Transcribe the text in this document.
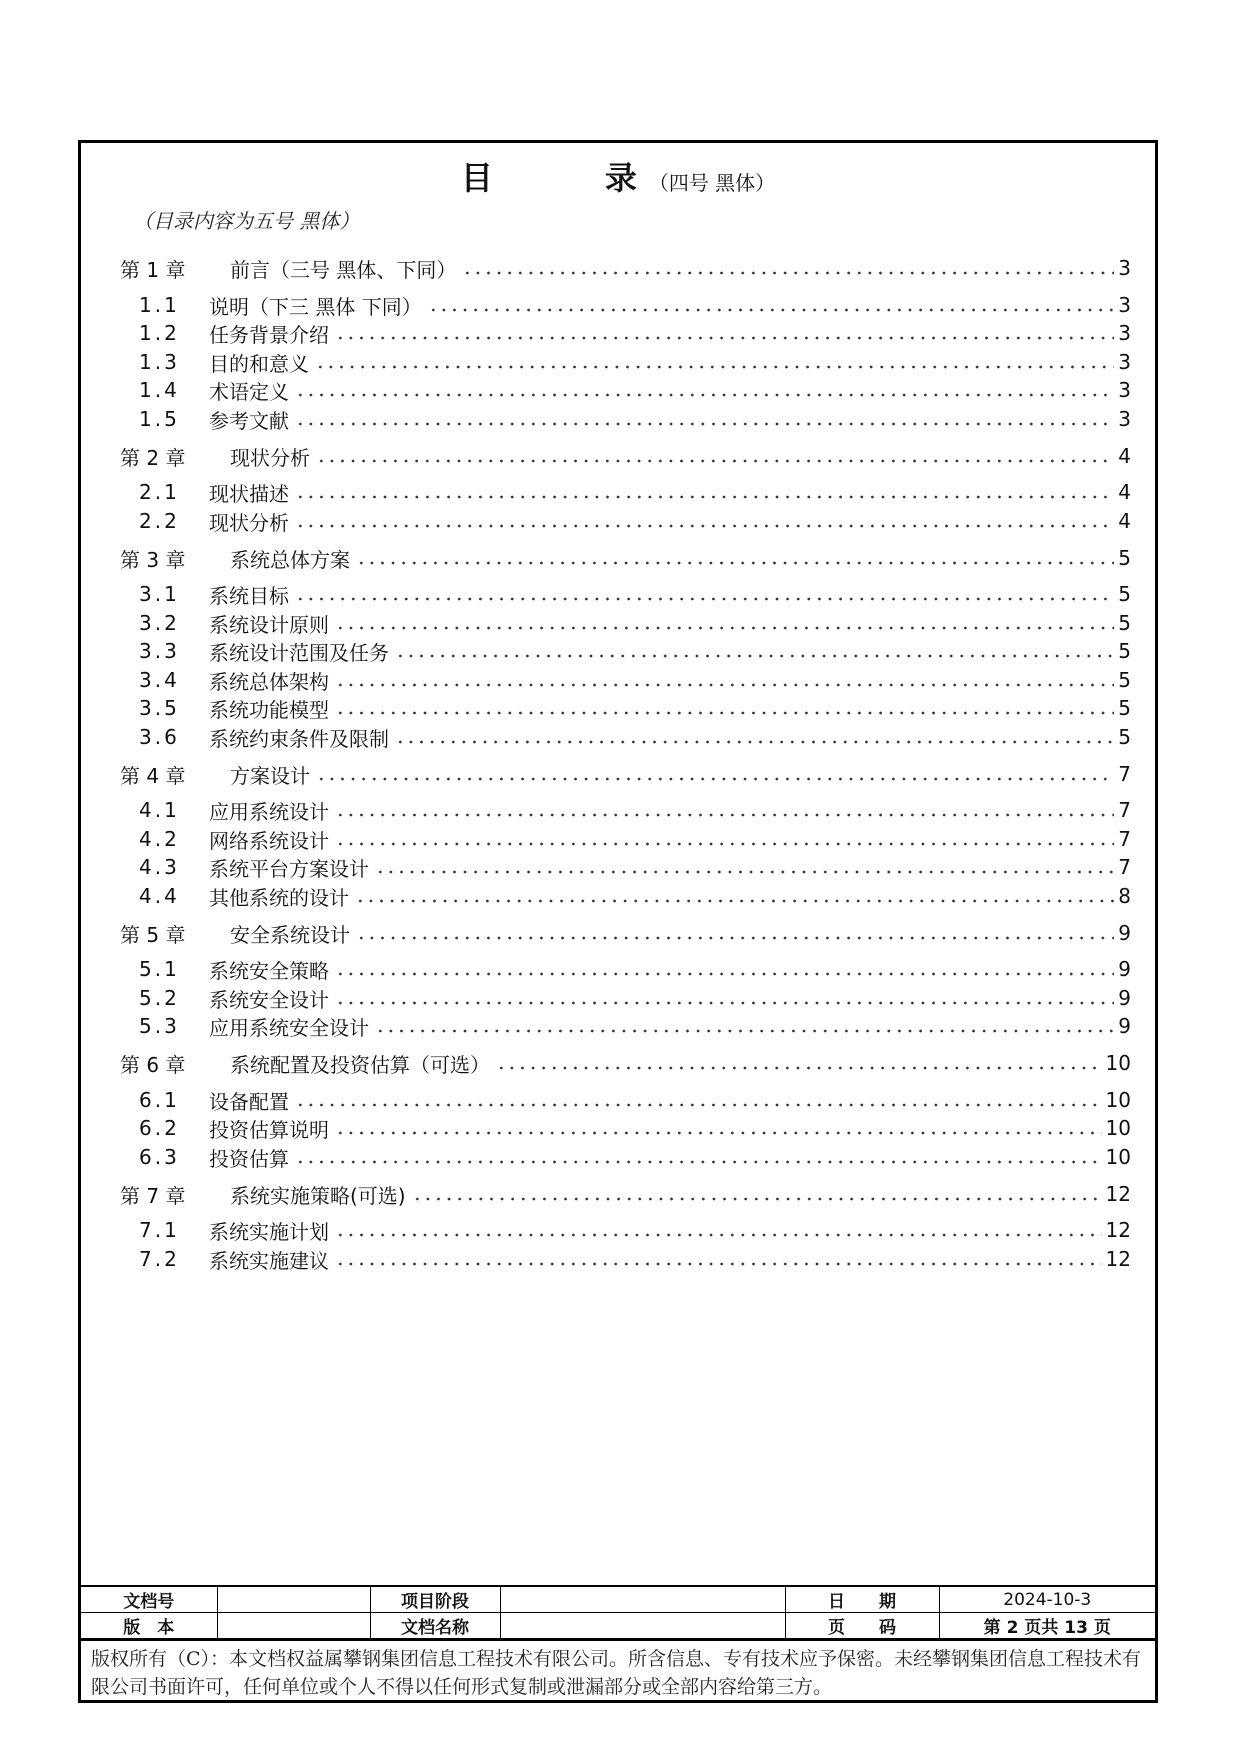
目　录
（四号 黑体）
（目录内容为五号 黑体）
第 1 章	前言（三号 黑体、下同）	3
1.1	说明（下三 黑体 下同）	3
1.2	任务背景介绍	3
1.3	目的和意义	3
1.4	术语定义	3
1.5	参考文献	3
第 2 章	现状分析	4
2.1	现状描述	4
2.2	现状分析	4
第 3 章	系统总体方案	5
3.1	系统目标	5
3.2	系统设计原则	5
3.3	系统设计范围及任务	5
3.4	系统总体架构	5
3.5	系统功能模型	5
3.6	系统约束条件及限制	5
第 4 章	方案设计	7
4.1	应用系统设计	7
4.2	网络系统设计	7
4.3	系统平台方案设计	7
4.4	其他系统的设计	8
第 5 章	安全系统设计	9
5.1	系统安全策略	9
5.2	系统安全设计	9
5.3	应用系统安全设计	9
第 6 章	系统配置及投资估算（可选）	10
6.1	设备配置	10
6.2	投资估算说明	10
6.3	投资估算	10
第 7 章	系统实施策略(可选)	12
7.1	系统实施计划	12
7.2	系统实施建议	12
文档号		项目阶段		日　　期	2024-10-3
版　本		文档名称		页　　码	第 2 页共 13 页
版权所有（C）：本文档权益属攀钢集团信息工程技术有限公司。所含信息、专有技术应予保密。未经攀钢集团信息工程技术有限公司书面许可，任何单位或个人不得以任何形式复制或泄漏部分或全部内容给第三方。
